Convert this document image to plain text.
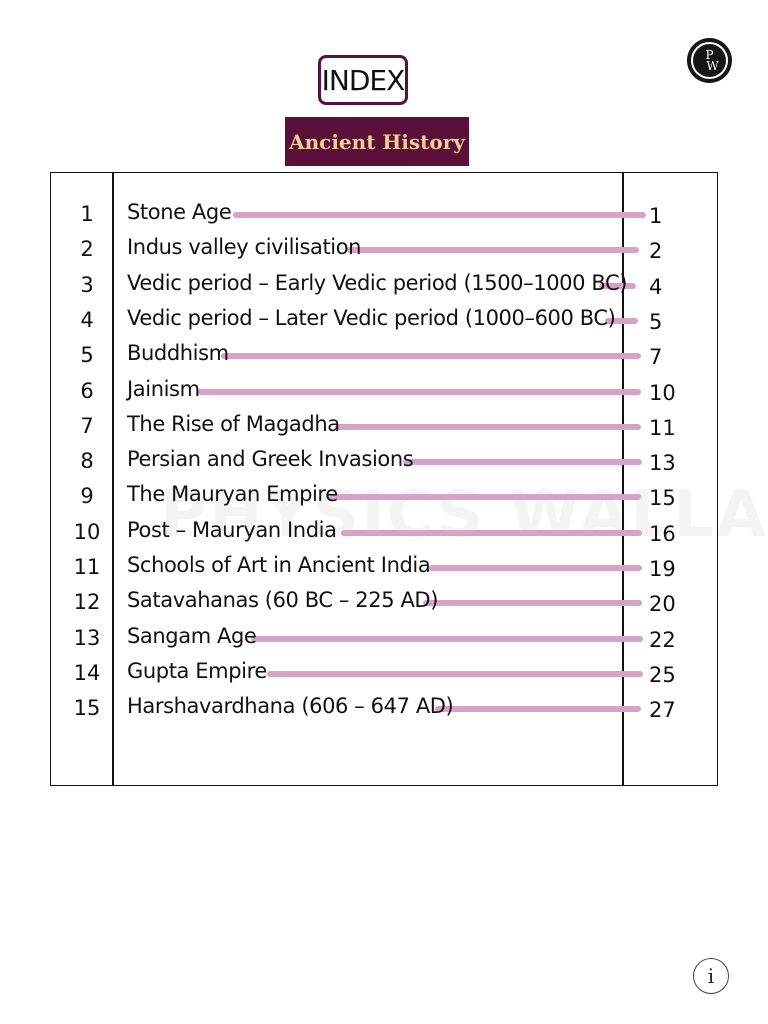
INDEX
Ancient History
P
W
1	Stone Age	1
2	Indus valley civilisation	2
3	Vedic period – Early Vedic period (1500–1000 BC) 4
4	Vedic period – Later Vedic period (1000–600 BC) 5
5	Buddhism	7
6	Jainism	10
7	The Rise of Magadha	11
8	Persian and Greek Invasions	13
9	The Mauryan Empire	15
10	Post – Mauryan India	16
11	Schools of Art in Ancient India	19
12	Satavahanas (60 BC – 225 AD)	20
13	Sangam Age	22
14	Gupta Empire	25
15	Harshavardhana (606 – 647 AD)	27
i
